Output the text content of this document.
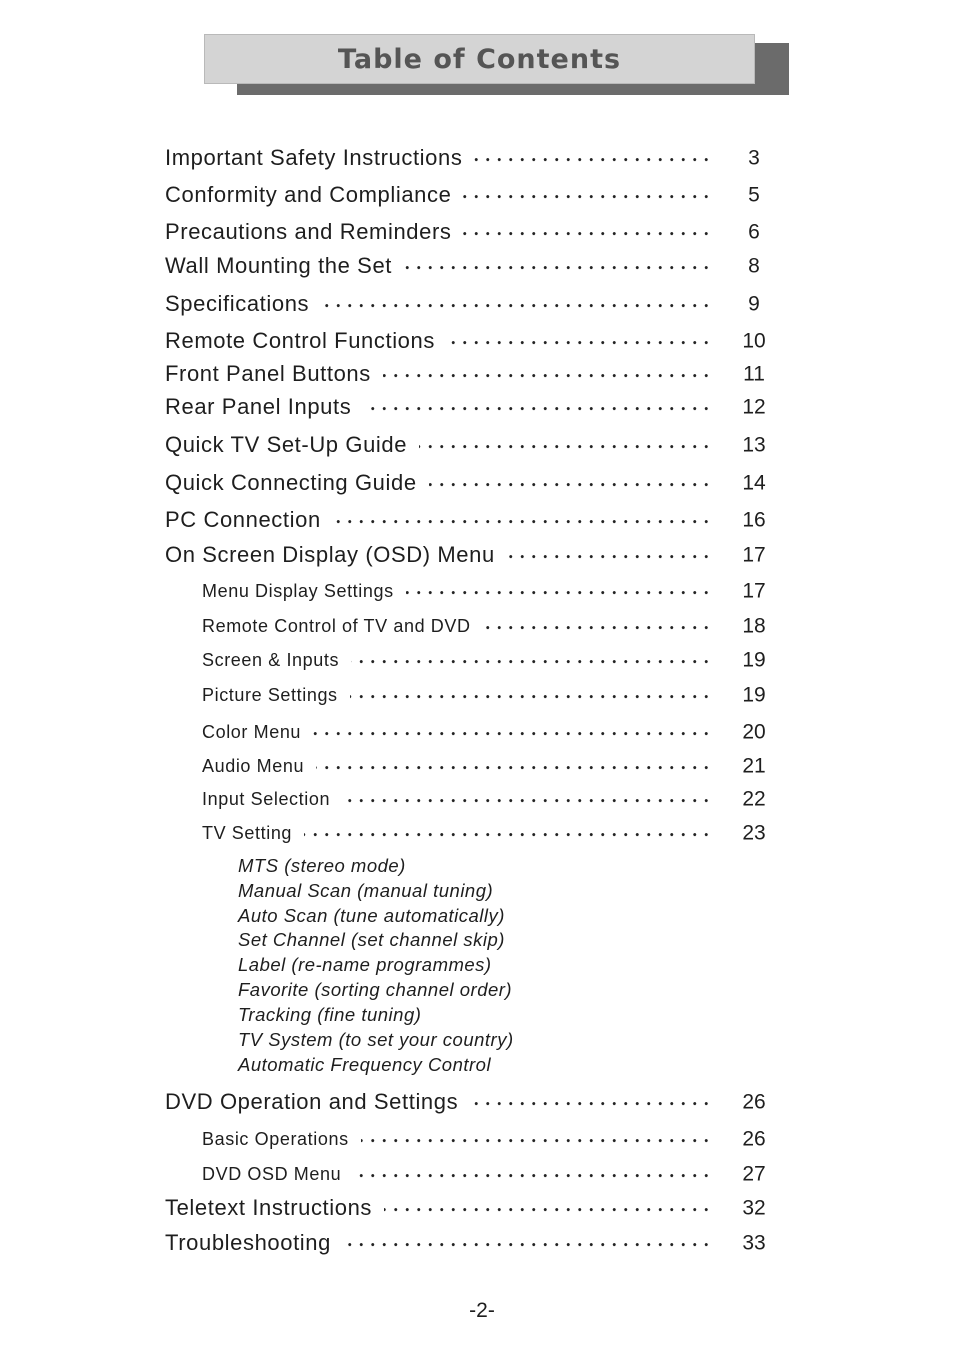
Table of Contents
Important Safety Instructions	3
Conformity and Compliance	5
Precautions and Reminders	6
Wall Mounting the Set	8
Specifications	9
Remote Control Functions	10
Front Panel Buttons	11
Rear Panel Inputs	12
Quick TV Set-Up Guide	13
Quick Connecting Guide	14
PC Connection	16
On Screen Display (OSD) Menu	17
Menu Display Settings	17
Remote Control of TV and DVD	18
Screen & Inputs	19
Picture Settings	19
Color Menu	20
Audio Menu	21
Input Selection	22
TV Setting	23
MTS (stereo mode)
Manual Scan (manual tuning)
Auto Scan (tune automatically)
Set Channel (set channel skip)
Label (re-name programmes)
Favorite (sorting channel order)
Tracking (fine tuning)
TV System (to set your country)
Automatic Frequency Control
DVD Operation and Settings	26
Basic Operations	26
DVD OSD Menu	27
Teletext Instructions	32
Troubleshooting	33
-2-
